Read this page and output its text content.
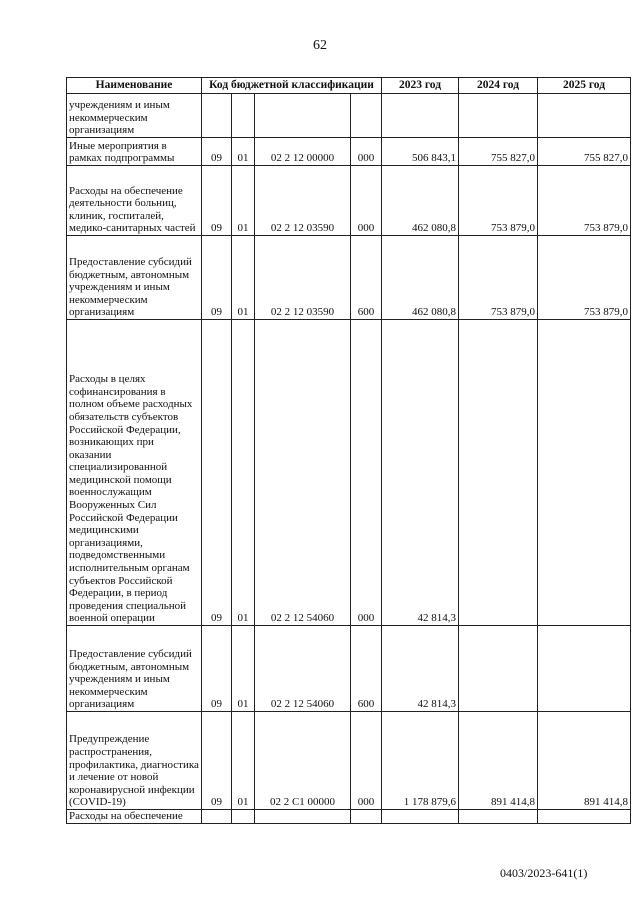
62
Наименование	Код бюджетной классификации				2023 год	2024 год	2025 год
учреждениям и иным некоммерческим организациям							
Иные мероприятия в рамках подпрограммы	09	01	02 2 12 00000	000	506 843,1	755 827,0	755 827,0
Расходы на обеспечение деятельности больниц, клиник, госпиталей, медико-санитарных частей	09	01	02 2 12 03590	000	462 080,8	753 879,0	753 879,0
Предоставление субсидий бюджетным, автономным учреждениям и иным некоммерческим организациям	09	01	02 2 12 03590	600	462 080,8	753 879,0	753 879,0
Расходы в целях софинансирования в полном объеме расходных обязательств субъектов Российской Федерации, возникающих при оказании специализированной медицинской помощи военнослужащим Вооруженных Сил Российской Федерации медицинскими организациями, подведомственными исполнительным органам субъектов Российской Федерации, в период проведения специальной военной операции	09	01	02 2 12 54060	000	42 814,3		
Предоставление субсидий бюджетным, автономным учреждениям и иным некоммерческим организациям	09	01	02 2 12 54060	600	42 814,3		
Предупреждение распространения, профилактика, диагностика и лечение от новой коронавирусной инфекции (COVID-19)	09	01	02 2 C1 00000	000	1 178 879,6	891 414,8	891 414,8
Расходы на обеспечение							
0403/2023-641(1)
